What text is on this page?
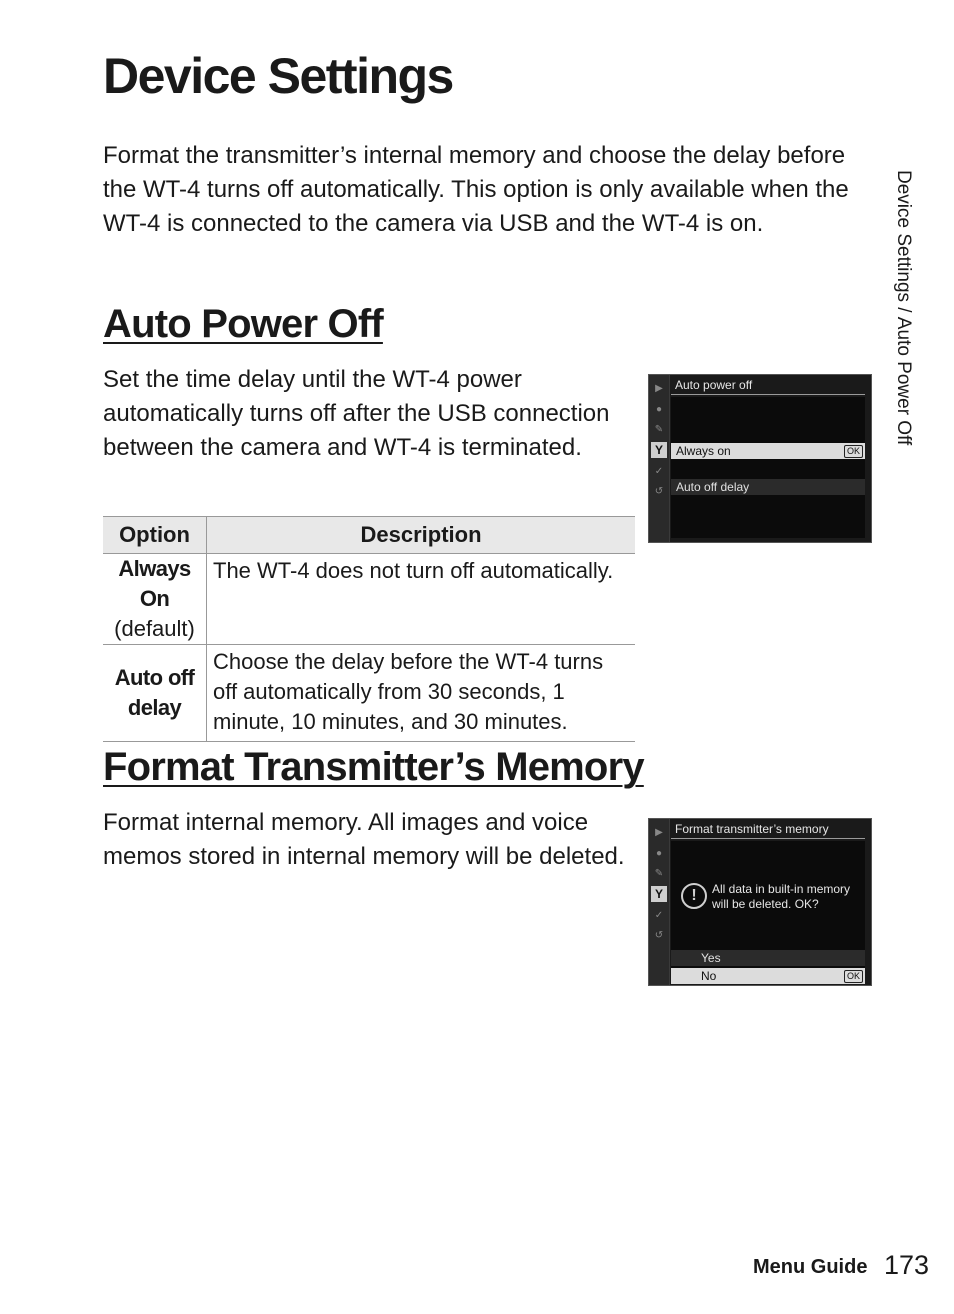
Device Settings

Format the transmitter’s internal memory and choose the delay before the WT-4 turns off automatically. This option is only available when the WT-4 is connected to the camera via USB and the WT-4 is on.	Device Settings / Auto Power Off
Auto Power Off

Set the time delay until the WT-4 power automatically turns off after the USB connection between the camera and WT-4 is terminated.

Option	Description

Always On
(default)	The WT-4 does not turn off automatically.

Auto off delay	Choose the delay before the WT-4 turns off automatically from 30 seconds, 1 minute, 10 minutes, and 30 minutes.
▶
●
✎
Y
✓
↺
Auto power off
Always on	OK
Auto off delay
Format Transmitter’s Memory

Format internal memory. All images and voice memos stored in internal memory will be deleted.

▶
●
✎
Y
✓
↺
Format transmitter’s memory
!	All data in built-in memory
will be deleted. OK?
Yes
No	OK
Menu Guide 173
